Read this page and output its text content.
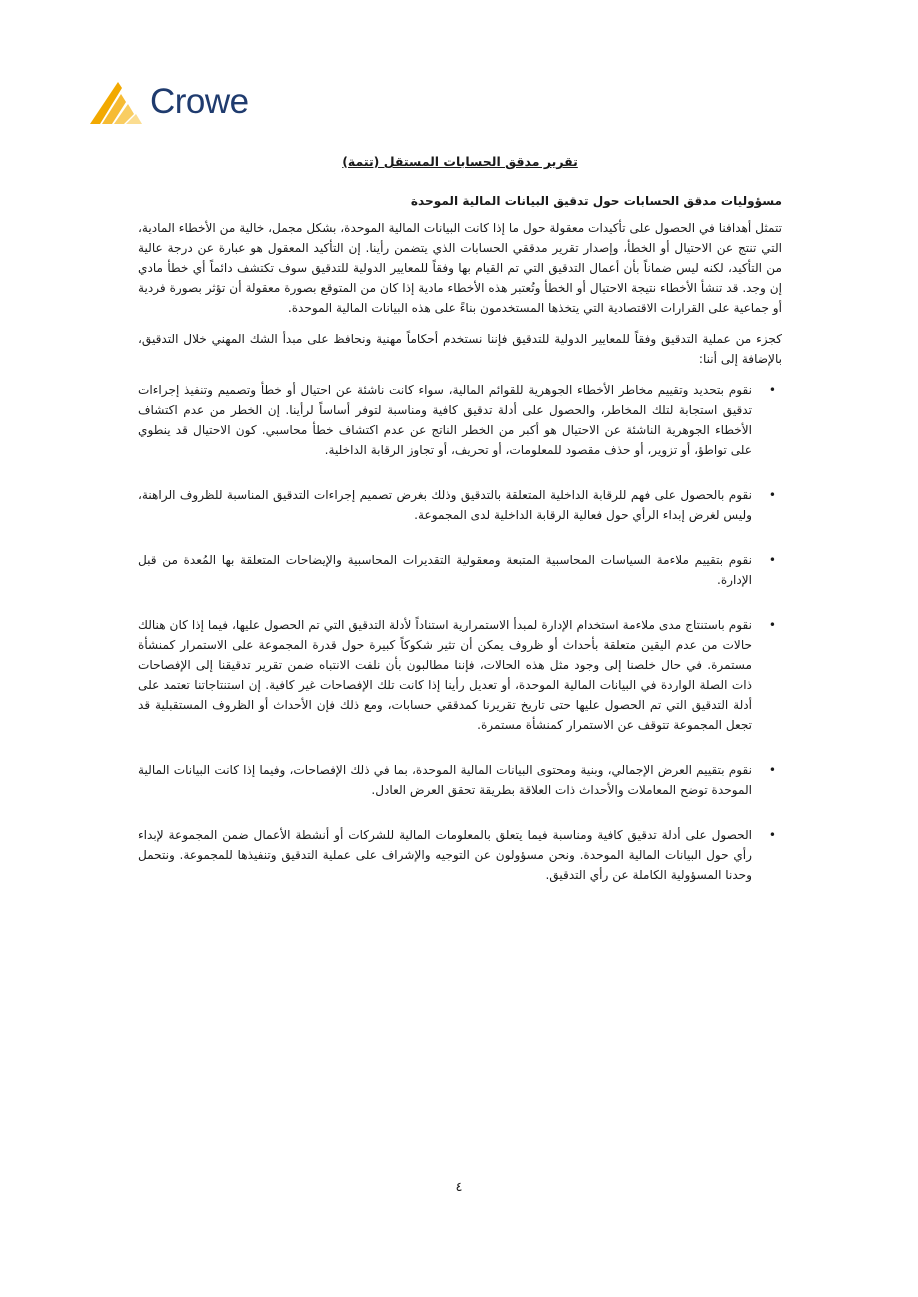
Crowe
تقرير مدقق الحسابات المستقل (تتمة)
مسؤوليات مدقق الحسابات حول تدقيق البيانات المالية الموحدة

تتمثل أهدافنا في الحصول على تأكيدات معقولة حول ما إذا كانت البيانات المالية الموحدة، بشكل مجمل، خالية من الأخطاء المادية، التي تنتج عن الاحتيال أو الخطأ، وإصدار تقرير مدققي الحسابات الذي يتضمن رأينا. إن التأكيد المعقول هو عبارة عن درجة عالية من التأكيد، لكنه ليس ضماناً بأن أعمال التدقيق التي تم القيام بها وفقاً للمعايير الدولية للتدقيق سوف تكتشف دائماً أي خطأ مادي إن وجد. قد تنشأ الأخطاء نتيجة الاحتيال أو الخطأ وتُعتبر هذه الأخطاء مادية إذا كان من المتوقع بصورة معقولة أن تؤثر بصورة فردية أو جماعية على القرارات الاقتصادية التي يتخذها المستخدمون بناءً على هذه البيانات المالية الموحدة.

كجزء من عملية التدقيق وفقاً للمعايير الدولية للتدقيق فإننا نستخدم أحكاماً مهنية ونحافظ على مبدأ الشك المهني خلال التدقيق، بالإضافة إلى أننا:

• نقوم بتحديد وتقييم مخاطر الأخطاء الجوهرية للقوائم المالية، سواء كانت ناشئة عن احتيال أو خطأ وتصميم وتنفيذ إجراءات تدقيق استجابة لتلك المخاطر، والحصول على أدلة تدقيق كافية ومناسبة لتوفر أساساً لرأينا. إن الخطر من عدم اكتشاف الأخطاء الجوهرية الناشئة عن الاحتيال هو أكبر من الخطر الناتج عن عدم اكتشاف خطأ محاسبي. كون الاحتيال قد ينطوي على تواطؤ، أو تزوير، أو حذف مقصود للمعلومات، أو تحريف، أو تجاوز الرقابة الداخلية.
• نقوم بالحصول على فهم للرقابة الداخلية المتعلقة بالتدقيق وذلك بغرض تصميم إجراءات التدقيق المناسبة للظروف الراهنة، وليس لغرض إبداء الرأي حول فعالية الرقابة الداخلية لدى المجموعة.
• نقوم بتقييم ملاءمة السياسات المحاسبية المتبعة ومعقولية التقديرات المحاسبية والإيضاحات المتعلقة بها المُعدة من قبل الإدارة.
• نقوم باستنتاج مدى ملاءمة استخدام الإدارة لمبدأ الاستمرارية استناداً لأدلة التدقيق التي تم الحصول عليها، فيما إذا كان هنالك حالات من عدم اليقين متعلقة بأحداث أو ظروف يمكن أن تثير شكوكاً كبيرة حول قدرة المجموعة على الاستمرار كمنشأة مستمرة. في حال خلصنا إلى وجود مثل هذه الحالات، فإننا مطالبون بأن نلفت الانتباه ضمن تقرير تدقيقنا إلى الإفصاحات ذات الصلة الواردة في البيانات المالية الموحدة، أو تعديل رأينا إذا كانت تلك الإفصاحات غير كافية. إن استنتاجاتنا تعتمد على أدلة التدقيق التي تم الحصول عليها حتى تاريخ تقريرنا كمدققي حسابات، ومع ذلك فإن الأحداث أو الظروف المستقبلية قد تجعل المجموعة تتوقف عن الاستمرار كمنشأة مستمرة.
• نقوم بتقييم العرض الإجمالي، وبنية ومحتوى البيانات المالية الموحدة، بما في ذلك الإفصاحات، وفيما إذا كانت البيانات المالية الموحدة توضح المعاملات والأحداث ذات العلاقة بطريقة تحقق العرض العادل.
• الحصول على أدلة تدقيق كافية ومناسبة فيما يتعلق بالمعلومات المالية للشركات أو أنشطة الأعمال ضمن المجموعة لإبداء رأي حول البيانات المالية الموحدة. ونحن مسؤولون عن التوجيه والإشراف على عملية التدقيق وتنفيذها للمجموعة. ونتحمل وحدنا المسؤولية الكاملة عن رأي التدقيق.
٤
